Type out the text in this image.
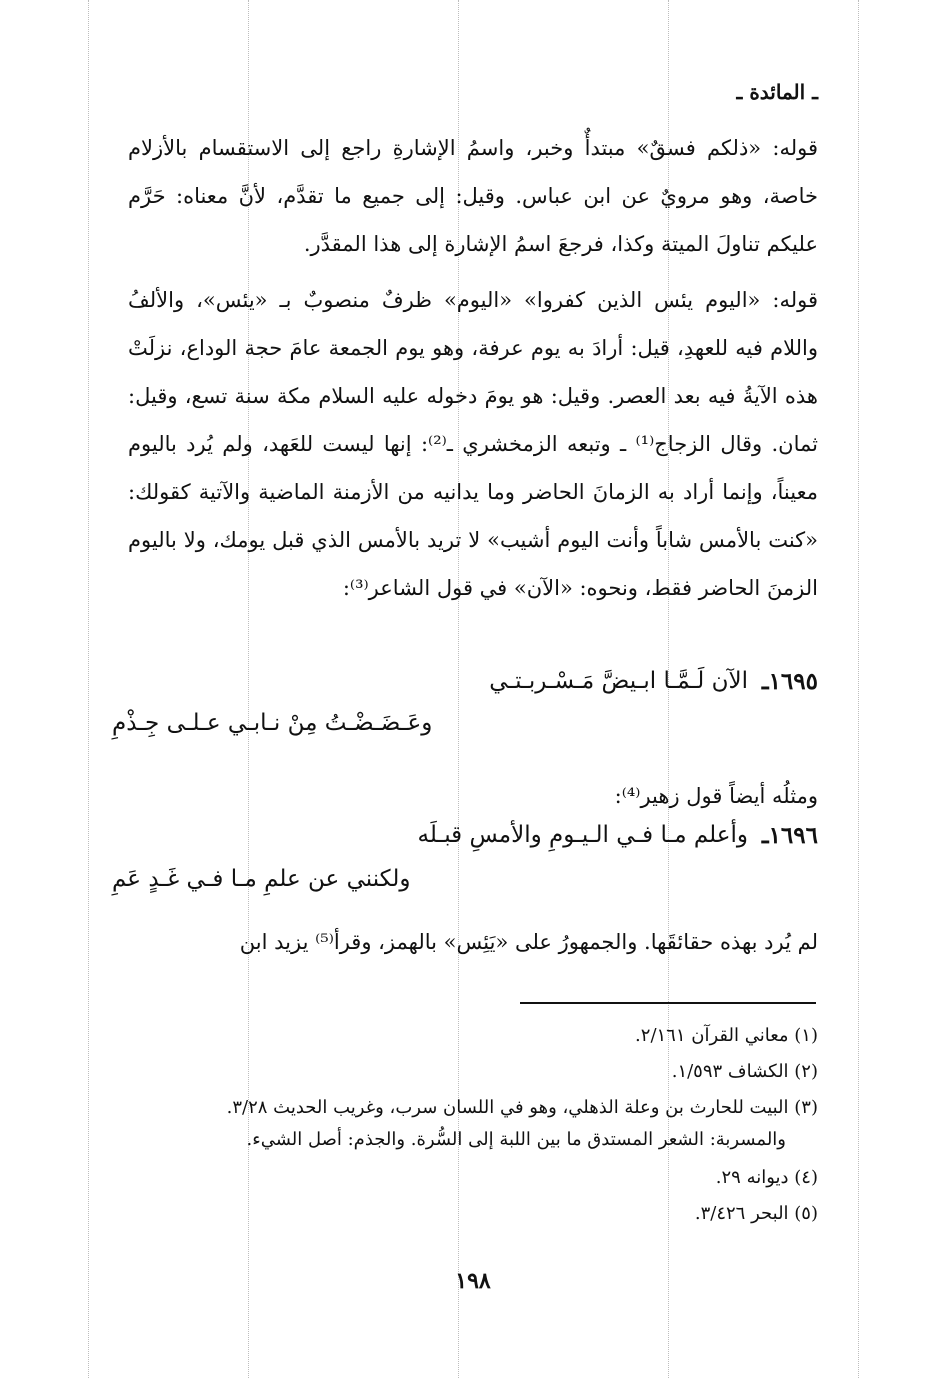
ـ المائدة ـ
قوله: «ذلكم فسقٌ» مبتدأٌ وخبر، واسمُ الإشارةِ راجع إلى الاستقسام بالأزلام خاصة، وهو مرويٌ عن ابن عباس. وقيل: إلى جميع ما تقدَّم، لأنَّ معناه: حَرَّم عليكم تناولَ الميتة وكذا، فرجعَ اسمُ الإشارة إلى هذا المقدَّر.
قوله: «اليوم يئس الذين كفروا» «اليوم» ظرفٌ منصوبٌ بـ «يئس»، والألفُ واللام فيه للعهدِ، قيل: أرادَ به يوم عرفة، وهو يوم الجمعة عامَ حجة الوداع، نزلَتْ هذه الآيةُ فيه بعد العصر. وقيل: هو يومَ دخوله عليه السلام مكة سنة تسع، وقيل: ثمان. وقال الزجاج⁽¹⁾ ـ وتبعه الزمخشري ـ⁽²⁾: إنها ليست للعَهد، ولم يُرد باليوم معيناً، وإنما أراد به الزمانَ الحاضر وما يدانيه من الأزمنة الماضية والآتية كقولك: «كنت بالأمس شاباً وأنت اليوم أشيب» لا تريد بالأمس الذي قبل يومك، ولا باليوم الزمنَ الحاضر فقط، ونحوه: «الآن» في قول الشاعر⁽³⁾:
١٦٩٥ـ
الآن لَـمَّـا ابـيضَّ مَـسْـربـتـي
وعَـضَـضْـتُ مِنْ نـابـي عـلـى جِـذْمِ
ومثلُه أيضاً قول زهير⁽⁴⁾:
١٦٩٦ـ
وأعلم مـا فـي الـيـومِ والأمسِ قبـلَه
ولكنني عن علمِ مـا فـي غَـدٍ عَمِ
لم يُرد بهذه حقائقَها. والجمهورُ على «يَئِس» بالهمز، وقرأ⁽⁵⁾ يزيد ابن
(١) معاني القرآن ٢/١٦١.
(٢) الكشاف ١/٥٩٣.
(٣) البيت للحارث بن وعلة الذهلي، وهو في اللسان سرب، وغريب الحديث ٣/٢٨.
والمسربة: الشعر المستدق ما بين اللبة إلى السُّرة. والجذم: أصل الشيء.
(٤) ديوانه ٢٩.
(٥) البحر ٣/٤٢٦.
١٩٨
